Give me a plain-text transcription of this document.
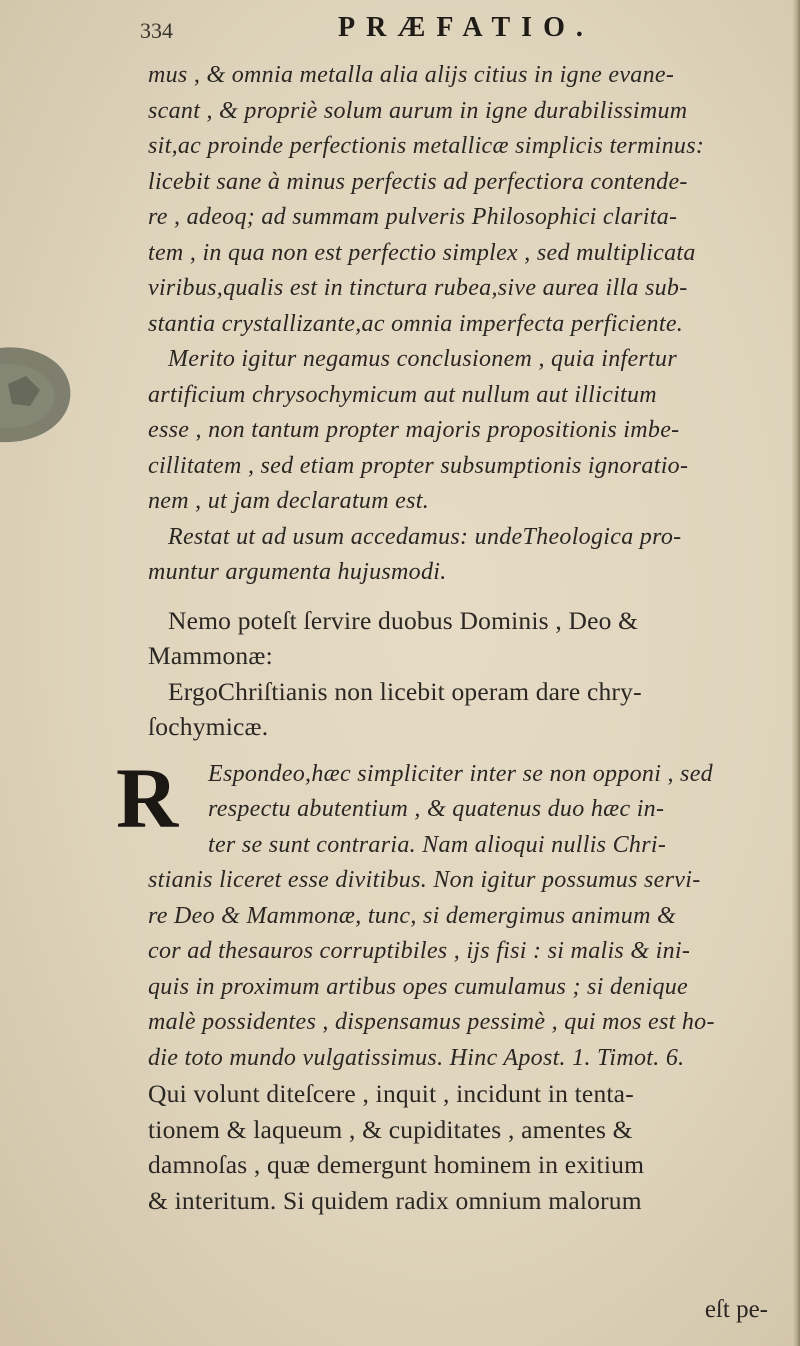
334	PRÆFATIO.
mus , & omnia metalla alia alijs citius in igne evane-
scant , & propriè solum aurum in igne durabilissimum
sit,ac proinde perfectionis metallicæ simplicis terminus:
licebit sane à minus perfectis ad perfectiora contende-
re , adeoq; ad summam pulveris Philosophici clarita-
tem , in qua non est perfectio simplex , sed multiplicata
viribus,qualis est in tinctura rubea,sive aurea illa sub-
stantia crystallizante,ac omnia imperfecta perficiente.
Merito igitur negamus conclusionem , quia infertur
artificium chrysochymicum aut nullum aut illicitum
esse , non tantum propter majoris propositionis imbe-
cillitatem , sed etiam propter subsumptionis ignoratio-
nem , ut jam declaratum est.
Restat ut ad usum accedamus: undeTheologica pro-
muntur argumenta hujusmodi.
Nemo poteſt ſervire duobus Dominis , Deo &
Mammonæ:
ErgoChriſtianis non licebit operam dare chry-
ſochymicæ.
R	Espondeo,hæc simpliciter inter se non opponi , sed
respectu abutentium , & quatenus duo hæc in-
ter se sunt contraria. Nam alioqui nullis Chri-
stianis liceret esse divitibus. Non igitur possumus servi-
re Deo & Mammonæ, tunc, si demergimus animum &
cor ad thesauros corruptibiles , ijs fisi : si malis & ini-
quis in proximum artibus opes cumulamus ; si denique
malè possidentes , dispensamus pessimè , qui mos est ho-
die toto mundo vulgatissimus. Hinc Apost. 1. Timot. 6.
Qui volunt diteſcere , inquit , incidunt in tenta-
tionem & laqueum , & cupiditates , amentes &
damnoſas , quæ demergunt hominem in exitium
& interitum. Si quidem radix omnium malorum
eſt pe-
